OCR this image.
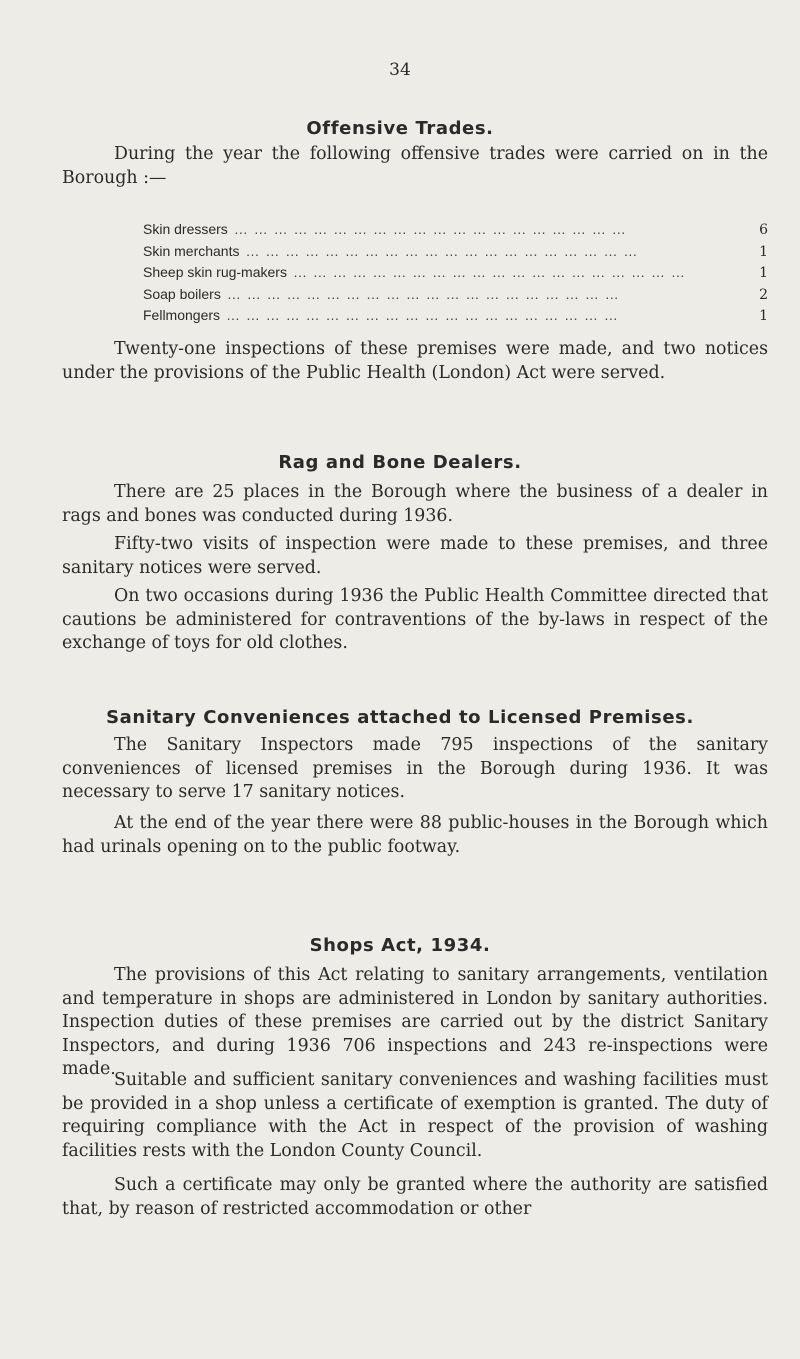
34
Offensive Trades.
During the year the following offensive trades were carried on in the Borough :—
Skin dressers … … … … … … … … … … … … … … … … … … … …	6
Skin merchants … … … … … … … … … … … … … … … … … … … …	1
Sheep skin rug-makers … … … … … … … … … … … … … … … … … … … …	1
Soap boilers … … … … … … … … … … … … … … … … … … … …	2
Fellmongers … … … … … … … … … … … … … … … … … … … …	1
Twenty-one inspections of these premises were made, and two notices under the provisions of the Public Health (London) Act were served.
Rag and Bone Dealers.
There are 25 places in the Borough where the business of a dealer in rags and bones was conducted during 1936.
Fifty-two visits of inspection were made to these premises, and three sanitary notices were served.
On two occasions during 1936 the Public Health Committee directed that cautions be administered for contraventions of the by-laws in respect of the exchange of toys for old clothes.
Sanitary Conveniences attached to Licensed Premises.
The Sanitary Inspectors made 795 inspections of the sanitary conveniences of licensed premises in the Borough during 1936. It was necessary to serve 17 sanitary notices.
At the end of the year there were 88 public-houses in the Borough which had urinals opening on to the public footway.
Shops Act, 1934.
The provisions of this Act relating to sanitary arrangements, ventilation and temperature in shops are administered in London by sanitary authorities. Inspection duties of these premises are carried out by the district Sanitary Inspectors, and during 1936 706 inspections and 243 re-inspections were made.
Suitable and sufficient sanitary conveniences and washing facilities must be provided in a shop unless a certificate of exemption is granted. The duty of requiring compliance with the Act in respect of the provision of washing facilities rests with the London County Council.
Such a certificate may only be granted where the authority are satisfied that, by reason of restricted accommodation or other
